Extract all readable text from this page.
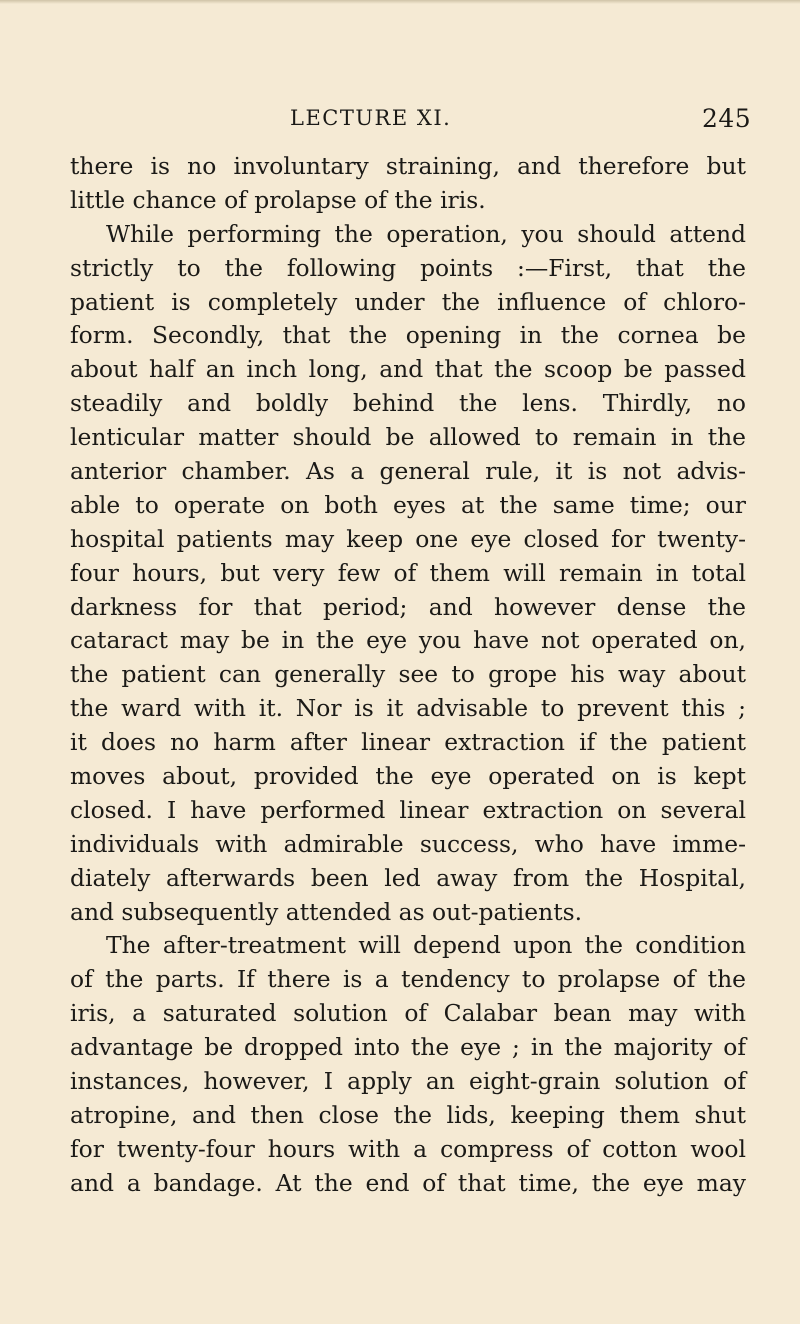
LECTURE XI.	245
there is no involuntary straining, and therefore but
little chance of prolapse of the iris.
While performing the operation, you should attend
strictly to the following points :—First, that the
patient is completely under the influence of chloro-
form. Secondly, that the opening in the cornea be
about half an inch long, and that the scoop be passed
steadily and boldly behind the lens. Thirdly, no
lenticular matter should be allowed to remain in the
anterior chamber. As a general rule, it is not advis-
able to operate on both eyes at the same time; our
hospital patients may keep one eye closed for twenty-
four hours, but very few of them will remain in total
darkness for that period; and however dense the
cataract may be in the eye you have not operated on,
the patient can generally see to grope his way about
the ward with it. Nor is it advisable to prevent this ;
it does no harm after linear extraction if the patient
moves about, provided the eye operated on is kept
closed. I have performed linear extraction on several
individuals with admirable success, who have imme-
diately afterwards been led away from the Hospital,
and subsequently attended as out-patients.
The after-treatment will depend upon the condition
of the parts. If there is a tendency to prolapse of the
iris, a saturated solution of Calabar bean may with
advantage be dropped into the eye ; in the majority of
instances, however, I apply an eight-grain solution of
atropine, and then close the lids, keeping them shut
for twenty-four hours with a compress of cotton wool
and a bandage. At the end of that time, the eye may
